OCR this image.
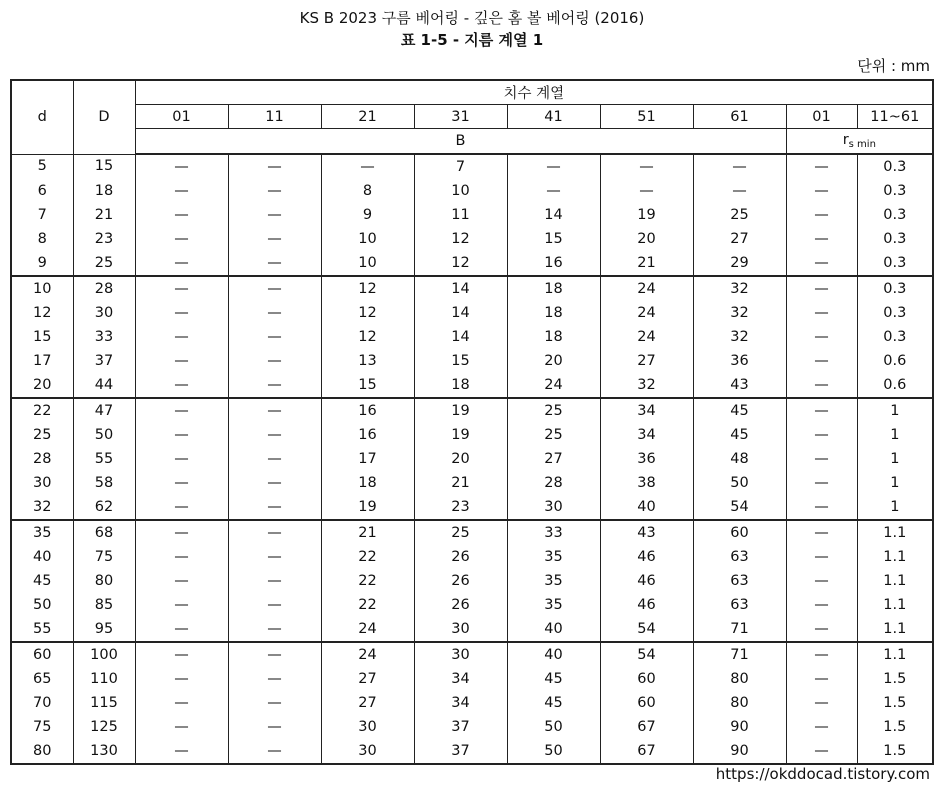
KS B 2023 구름 베어링 - 깊은 홈 볼 베어링 (2016)
표 1-5 - 지름 계열 1
단위 : mm
d	D	치수 계열								
		01	11	21	31	41	51	61	01	11~61
		B							$r_{s min}$
5	15	—	—	—	7	—	—	—	—	0.3
6	18	—	—	8	10	—	—	—	—	0.3
7	21	—	—	9	11	14	19	25	—	0.3
8	23	—	—	10	12	15	20	27	—	0.3
9	25	—	—	10	12	16	21	29	—	0.3
10	28	—	—	12	14	18	24	32	—	0.3
12	30	—	—	12	14	18	24	32	—	0.3
15	33	—	—	12	14	18	24	32	—	0.3
17	37	—	—	13	15	20	27	36	—	0.6
20	44	—	—	15	18	24	32	43	—	0.6
22	47	—	—	16	19	25	34	45	—	1
25	50	—	—	16	19	25	34	45	—	1
28	55	—	—	17	20	27	36	48	—	1
30	58	—	—	18	21	28	38	50	—	1
32	62	—	—	19	23	30	40	54	—	1
35	68	—	—	21	25	33	43	60	—	1.1
40	75	—	—	22	26	35	46	63	—	1.1
45	80	—	—	22	26	35	46	63	—	1.1
50	85	—	—	22	26	35	46	63	—	1.1
55	95	—	—	24	30	40	54	71	—	1.1
60	100	—	—	24	30	40	54	71	—	1.1
65	110	—	—	27	34	45	60	80	—	1.5
70	115	—	—	27	34	45	60	80	—	1.5
75	125	—	—	30	37	50	67	90	—	1.5
80	130	—	—	30	37	50	67	90	—	1.5
https://okddocad.tistory.com
